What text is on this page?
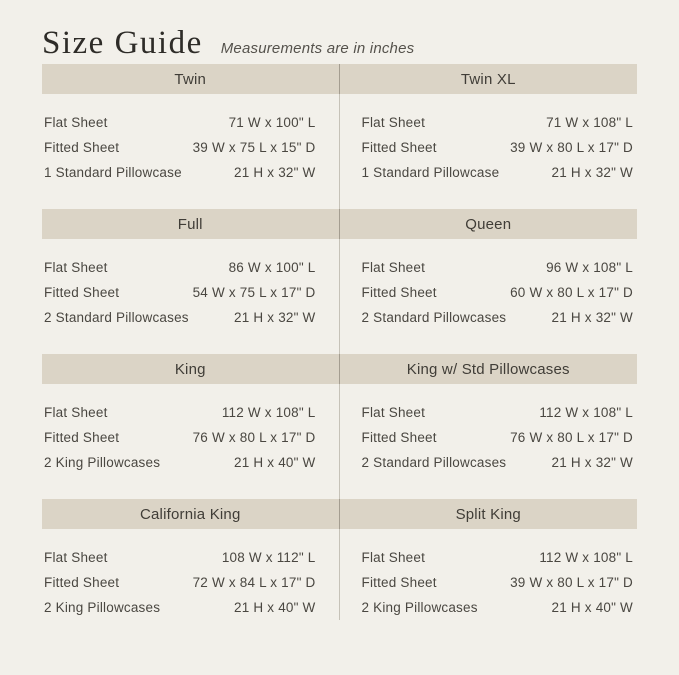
Size Guide Measurements are in inches
Twin
Flat Sheet	71 W x 100" L
Fitted Sheet	39 W x 75 L x 15" D
1 Standard Pillowcase	21 H x 32" W
Twin XL
Flat Sheet	71 W x 108" L
Fitted Sheet	39 W x 80 L x 17" D
1 Standard Pillowcase	21 H x 32" W
Full
Flat Sheet	86 W x 100" L
Fitted Sheet	54 W x 75 L x 17" D
2 Standard Pillowcases	21 H x 32" W
Queen
Flat Sheet	96 W x 108" L
Fitted Sheet	60 W x 80 L x 17" D
2 Standard Pillowcases	21 H x 32" W
King
Flat Sheet	112 W x 108" L
Fitted Sheet	76 W x 80 L x 17" D
2 King Pillowcases	21 H x 40" W
King w/ Std Pillowcases
Flat Sheet	112 W x 108" L
Fitted Sheet	76 W x 80 L x 17" D
2 Standard Pillowcases	21 H x 32" W
California King
Flat Sheet	108 W x 112" L
Fitted Sheet	72 W x 84 L x 17" D
2 King Pillowcases	21 H x 40" W
Split King
Flat Sheet	112 W x 108" L
Fitted Sheet	39 W x 80 L x 17" D
2 King Pillowcases	21 H x 40" W
